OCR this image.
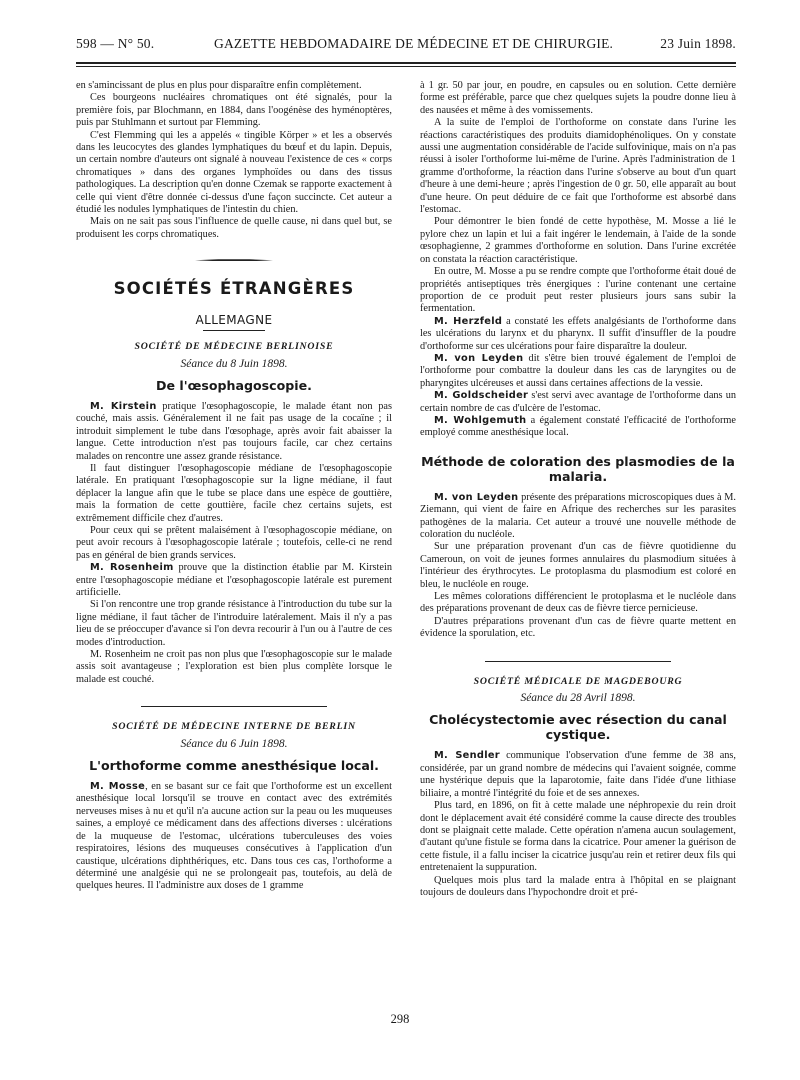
598 — N° 50.	GAZETTE HEBDOMADAIRE DE MÉDECINE ET DE CHIRURGIE.	23 Juin 1898.

en s'amincissant de plus en plus pour disparaître enfin complètement.

Ces bourgeons nucléaires chromatiques ont été signalés, pour la première fois, par Blochmann, en 1884, dans l'oogénèse des hyménoptères, puis par Stuhlmann et surtout par Flemming.

C'est Flemming qui les a appelés « tingible Körper » et les a observés dans les leucocytes des glandes lymphatiques du bœuf et du lapin. Depuis, un certain nombre d'auteurs ont signalé à nouveau l'existence de ces « corps chromatiques » dans des organes lymphoïdes ou dans des tissus pathologiques. La description qu'en donne Czemak se rapporte exactement à celle qui vient d'être donnée ci-dessus d'une façon succincte. Cet auteur a étudié les nodules lymphatiques de l'intestin du chien.

Mais on ne sait pas sous l'influence de quelle cause, ni dans quel but, se produisent les corps chromatiques.

SOCIÉTÉS ÉTRANGÈRES
ALLEMAGNE
SOCIÉTÉ DE MÉDECINE BERLINOISE
Séance du 8 Juin 1898.
De l'œsophagoscopie.

M. Kirstein pratique l'œsophagoscopie, le malade étant non pas couché, mais assis. Généralement il ne fait pas usage de la cocaïne ; il introduit simplement le tube dans l'œsophage, après avoir fait abaisser la langue. Cette introduction n'est pas toujours facile, car chez certains malades on rencontre une assez grande résistance.

Il faut distinguer l'œsophagoscopie médiane de l'œsophagoscopie latérale. En pratiquant l'œsophagoscopie sur la ligne médiane, il faut déplacer la langue afin que le tube se place dans une espèce de gouttière, mais la formation de cette gouttière, facile chez certains sujets, est extrêmement difficile chez d'autres.

Pour ceux qui se prêtent malaisément à l'œsophagoscopie médiane, on peut avoir recours à l'œsophagoscopie latérale ; toutefois, celle-ci ne rend pas en général de bien grands services.

M. Rosenheim prouve que la distinction établie par M. Kirstein entre l'œsophagoscopie médiane et l'œsophagoscopie latérale est purement artificielle.

Si l'on rencontre une trop grande résistance à l'introduction du tube sur la ligne médiane, il faut tâcher de l'introduire latéralement. Mais il n'y a pas lieu de se préoccuper d'avance si l'on devra recourir à l'un ou à l'autre de ces modes d'introduction.

M. Rosenheim ne croit pas non plus que l'œsophagoscopie sur le malade assis soit avantageuse ; l'exploration est bien plus complète lorsque le malade est couché.

SOCIÉTÉ DE MÉDECINE INTERNE DE BERLIN
Séance du 6 Juin 1898.
L'orthoforme comme anesthésique local.

M. Mosse, en se basant sur ce fait que l'orthoforme est un excellent anesthésique local lorsqu'il se trouve en contact avec des extrémités nerveuses mises à nu et qu'il n'a aucune action sur la peau ou les muqueuses saines, a employé ce médicament dans des affections diverses : ulcérations de la muqueuse de l'estomac, ulcérations tuberculeuses des voies respiratoires, lésions des muqueuses consécutives à l'application d'un caustique, ulcérations diphthériques, etc. Dans tous ces cas, l'orthoforme a déterminé une analgésie qui ne se prolongeait pas, toutefois, au delà de quelques heures. Il l'administre aux doses de 1 gramme

à 1 gr. 50 par jour, en poudre, en capsules ou en solution. Cette dernière forme est préférable, parce que chez quelques sujets la poudre donne lieu à des nausées et même à des vomissements.

A la suite de l'emploi de l'orthoforme on constate dans l'urine les réactions caractéristiques des produits diamidophénoliques. On y constate aussi une augmentation considérable de l'acide sulfovinique, mais on n'a pas réussi à isoler l'orthoforme lui-même de l'urine. Après l'administration de 1 gramme d'orthoforme, la réaction dans l'urine s'observe au bout d'un quart d'heure à une demi-heure ; après l'ingestion de 0 gr. 50, elle apparaît au bout d'une heure. On peut déduire de ce fait que l'orthoforme est absorbé dans l'estomac.

Pour démontrer le bien fondé de cette hypothèse, M. Mosse a lié le pylore chez un lapin et lui a fait ingérer le lendemain, à l'aide de la sonde œsophagienne, 2 grammes d'orthoforme en solution. Dans l'urine excrétée on constata la réaction caractéristique.

En outre, M. Mosse a pu se rendre compte que l'orthoforme était doué de propriétés antiseptiques très énergiques : l'urine contenant une certaine proportion de ce produit peut rester plusieurs jours sans subir la fermentation.

M. Herzfeld a constaté les effets analgésiants de l'orthoforme dans les ulcérations du larynx et du pharynx. Il suffit d'insuffler de la poudre d'orthoforme sur ces ulcérations pour faire disparaître la douleur.

M. von Leyden dit s'être bien trouvé également de l'emploi de l'orthoforme pour combattre la douleur dans les cas de laryngites ou de pharyngites ulcéreuses et aussi dans certaines affections de la vessie.

M. Goldscheider s'est servi avec avantage de l'orthoforme dans un certain nombre de cas d'ulcère de l'estomac.

M. Wohlgemuth a également constaté l'efficacité de l'orthoforme employé comme anesthésique local.

Méthode de coloration des plasmodies de la malaria.

M. von Leyden présente des préparations microscopiques dues à M. Ziemann, qui vient de faire en Afrique des recherches sur les parasites pathogènes de la malaria. Cet auteur a trouvé une nouvelle méthode de coloration du nucléole.

Sur une préparation provenant d'un cas de fièvre quotidienne du Cameroun, on voit de jeunes formes annulaires du plasmodium situées à l'intérieur des érythrocytes. Le protoplasma du plasmodium est coloré en bleu, le nucléole en rouge.

Les mêmes colorations différencient le protoplasma et le nucléole dans des préparations provenant de deux cas de fièvre tierce pernicieuse.

D'autres préparations provenant d'un cas de fièvre quarte mettent en évidence la sporulation, etc.

SOCIÉTÉ MÉDICALE DE MAGDEBOURG
Séance du 28 Avril 1898.
Cholécystectomie avec résection du canal cystique.

M. Sendler communique l'observation d'une femme de 38 ans, considérée, par un grand nombre de médecins qui l'avaient soignée, comme une hystérique depuis que la laparotomie, faite dans l'idée d'une lithiase biliaire, a montré l'intégrité du foie et de ses annexes.

Plus tard, en 1896, on fit à cette malade une néphropexie du rein droit dont le déplacement avait été considéré comme la cause directe des troubles dont se plaignait cette malade. Cette opération n'amena aucun soulagement, d'autant qu'une fistule se forma dans la cicatrice. Pour amener la guérison de cette fistule, il a fallu inciser la cicatrice jusqu'au rein et retirer deux fils qui entretenaient la suppuration.

Quelques mois plus tard la malade entra à l'hôpital en se plaignant toujours de douleurs dans l'hypochondre droit et pré-

298
